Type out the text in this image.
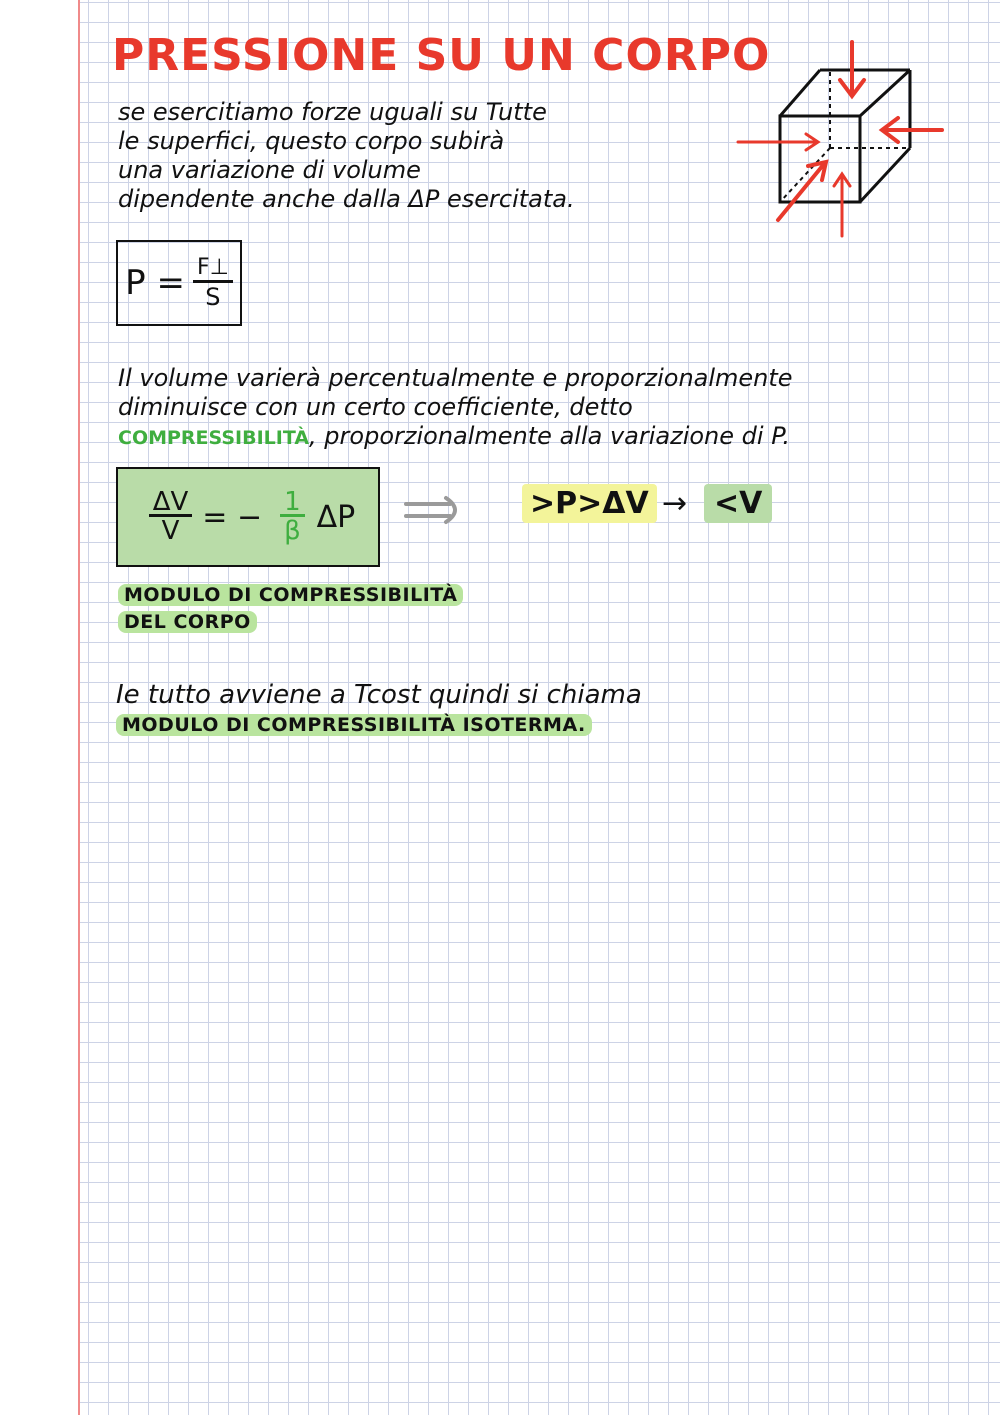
PRESSIONE SU UN CORPO
se esercitiamo forze uguali su Tutte
le superfici, questo corpo subirà
una variazione di volume
dipendente anche dalla ΔP esercitata.
$P = \frac{F\perp}{S}$
Il volume varierà percentualmente e proporzionalmente
diminuisce con un certo coefficiente, detto
COMPRESSIBILITÀ, proporzionalmente alla variazione di P.
$\frac{\Delta V}{V}$ = − $\frac{1}{\beta}$ ΔP	>P>ΔV → <V
MODULO DI COMPRESSIBILITÀ
DEL CORPO
Ie tutto avviene a Tcost quindi si chiama
MODULO DI COMPRESSIBILITÀ ISOTERMA.
